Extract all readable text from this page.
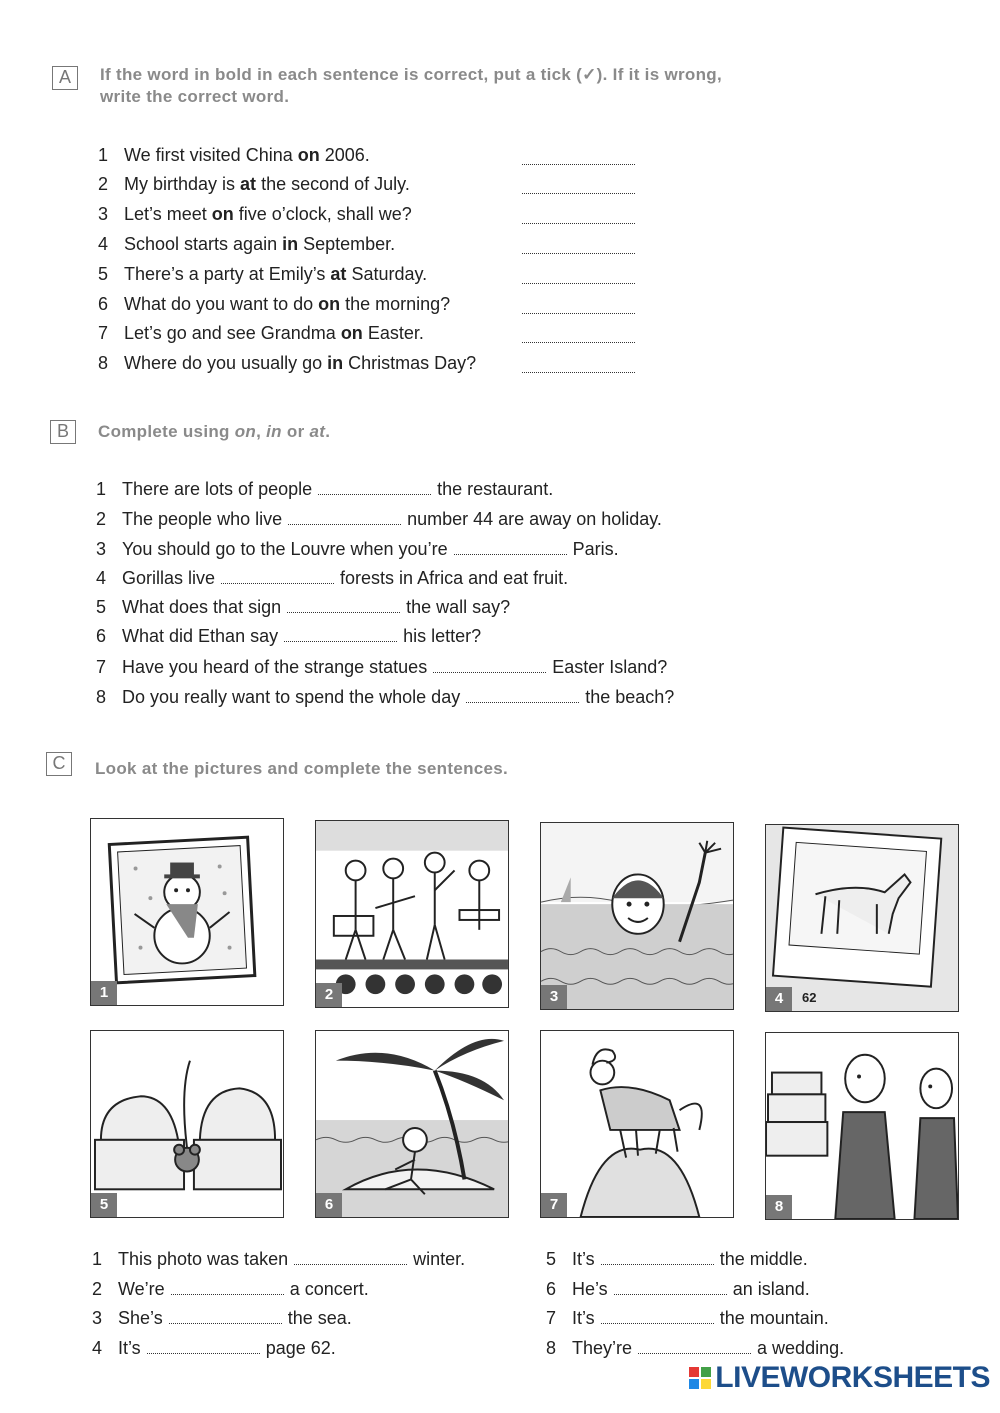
A	If the word in bold in each sentence is correct, put a tick (✓). If it is wrong,
write the correct word.
1 We first visited China on 2006.
2 My birthday is at the second of July.
3 Let’s meet on five o’clock, shall we?
4 School starts again in September.
5 There’s a party at Emily’s at Saturday.
6 What do you want to do on the morning?
7 Let’s go and see Grandma on Easter.
8 Where do you usually go in Christmas Day?
B	Complete using on, in or at.
1 There are lots of people	the restaurant.
2 The people who live	number 44 are away on holiday.
3 You should go to the Louvre when you’re	Paris.
4 Gorillas live	forests in Africa and eat fruit.
5 What does that sign	the wall say?
6 What did Ethan say	his letter?
7 Have you heard of the strange statues	Easter Island?
8 Do you really want to spend the whole day	the beach?
C	Look at the pictures and complete the sentences.
1	2	3	4	62
5	6	7	8
1 This photo was taken	winter.
2 We’re	a concert.
3 She’s	the sea.
4 It’s	page 62.
5 It’s	the middle.
6 He’s	an island.
7 It’s	the mountain.
8 They’re	a wedding.
LIVEWORKSHEETS
